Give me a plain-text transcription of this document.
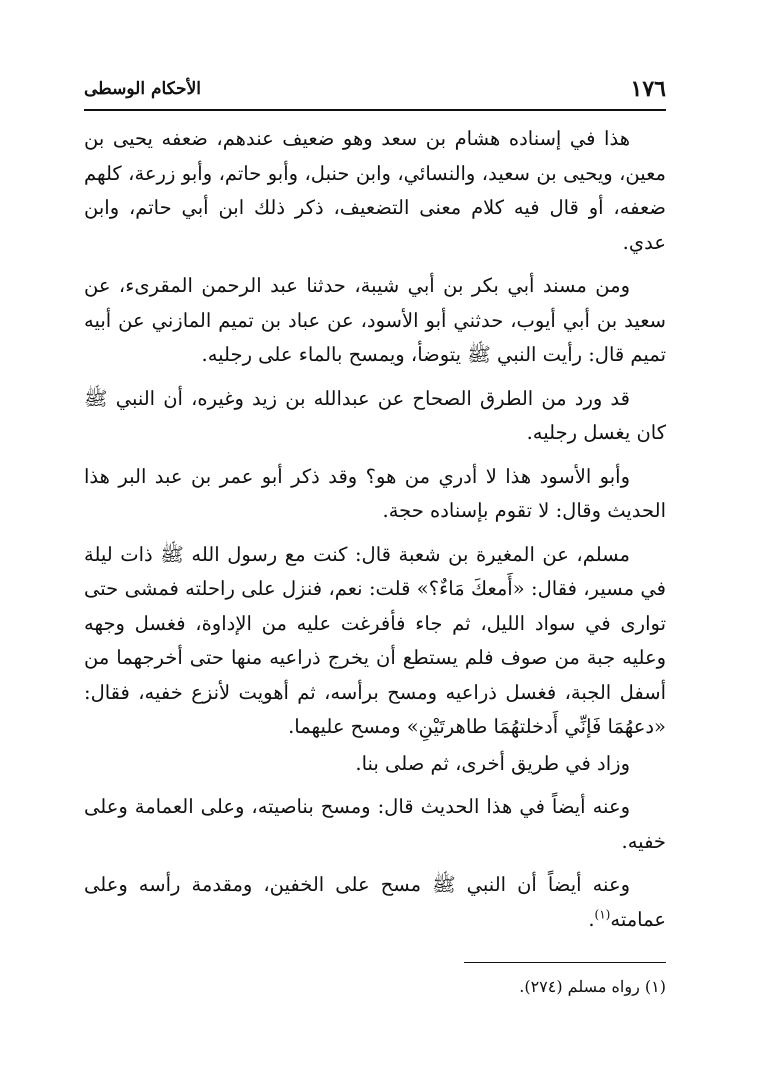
١٧٦
الأحكام الوسطى

هذا في إسناده هشام بن سعد وهو ضعيف عندهم، ضعفه يحيى بن معين، ويحيى بن سعيد، والنسائي، وابن حنبل، وأبو حاتم، وأبو زرعة، كلهم ضعفه، أو قال فيه كلام معنى التضعيف، ذكر ذلك ابن أبي حاتم، وابن عدي.

ومن مسند أبي بكر بن أبي شيبة، حدثنا عبد الرحمن المقرىء، عن سعيد بن أبي أيوب، حدثني أبو الأسود، عن عباد بن تميم المازني عن أبيه تميم قال: رأيت النبي ﷺ يتوضأ، ويمسح بالماء على رجليه.

قد ورد من الطرق الصحاح عن عبدالله بن زيد وغيره، أن النبي ﷺ كان يغسل رجليه.

وأبو الأسود هذا لا أدري من هو؟ وقد ذكر أبو عمر بن عبد البر هذا الحديث وقال: لا تقوم بإسناده حجة.

مسلم، عن المغيرة بن شعبة قال: كنت مع رسول الله ﷺ ذات ليلة في مسير، فقال: «أَمعكَ مَاءٌ؟» قلت: نعم، فنزل على راحلته فمشى حتى توارى في سواد الليل، ثم جاء فأفرغت عليه من الإداوة، فغسل وجهه وعليه جبة من صوف فلم يستطع أن يخرج ذراعيه منها حتى أخرجهما من أسفل الجبة، فغسل ذراعيه ومسح برأسه، ثم أهويت لأنزع خفيه، فقال: «دعهُمَا فَإنِّي أَدخلتهُمَا طاهرتَيْنِ» ومسح عليهما.

وزاد في طريق أخرى، ثم صلى بنا.

وعنه أيضاً في هذا الحديث قال: ومسح بناصيته، وعلى العمامة وعلى خفيه.

وعنه أيضاً أن النبي ﷺ مسح على الخفين، ومقدمة رأسه وعلى عمامته$^{(١)}$.

(١) رواه مسلم (٢٧٤).
